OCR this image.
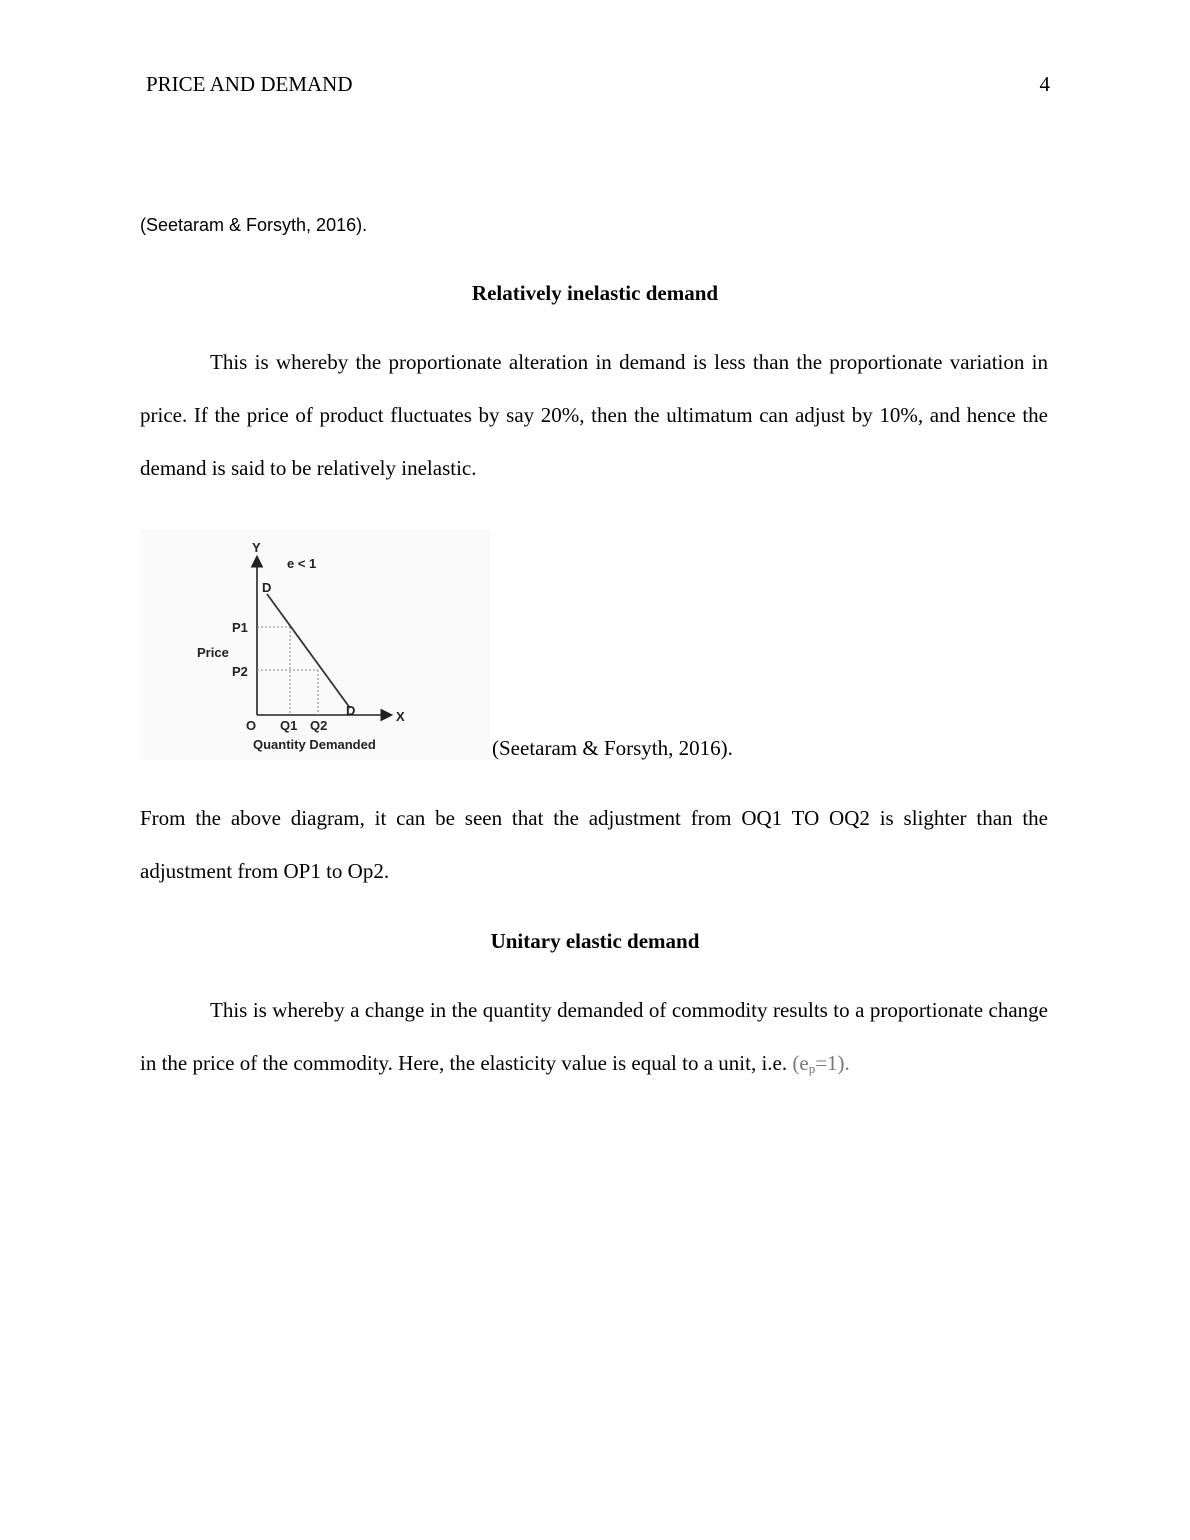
PRICE AND DEMAND	4
(Seetaram & Forsyth, 2016).
Relatively inelastic demand
This is whereby the proportionate alteration in demand is less than the proportionate variation in price. If the price of product fluctuates by say 20%, then the ultimatum can adjust by 10%, and hence the demand is said to be relatively inelastic.
Y
e < 1
D
P1
Price
P2
D	X
O Q1 Q2
Quantity Demanded	(Seetaram & Forsyth, 2016).
From the above diagram, it can be seen that the adjustment from OQ1 TO OQ2 is slighter than the adjustment from OP1 to Op2.
Unitary elastic demand
This is whereby a change in the quantity demanded of commodity results to a proportionate change in the price of the commodity. Here, the elasticity value is equal to a unit, i.e. $(e_p=1)$.
